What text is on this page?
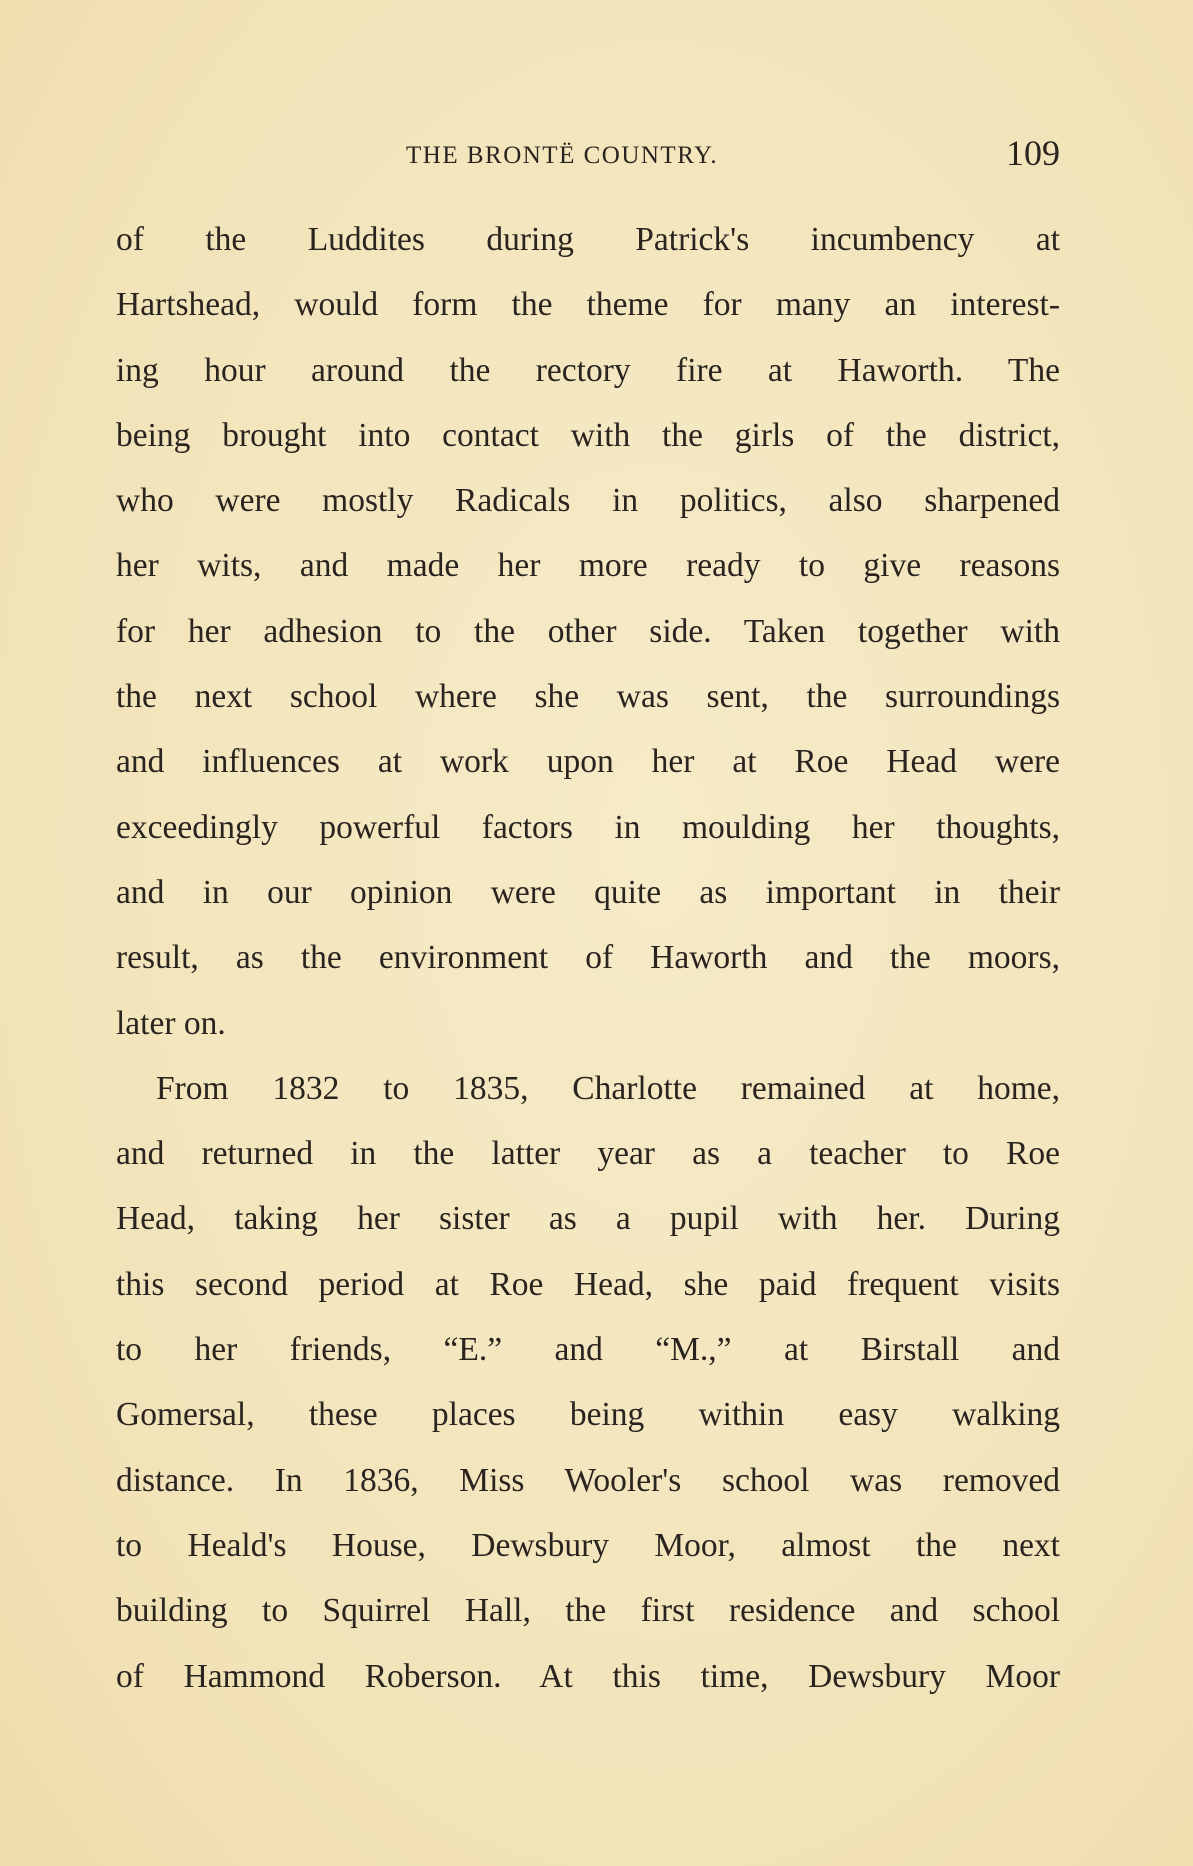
THE BRONTË COUNTRY.	109
of the Luddites during Patrick's incumbency at
Hartshead, would form the theme for many an interest-
ing hour around the rectory fire at Haworth. The
being brought into contact with the girls of the district,
who were mostly Radicals in politics, also sharpened
her wits, and made her more ready to give reasons
for her adhesion to the other side. Taken together with
the next school where she was sent, the surroundings
and influences at work upon her at Roe Head were
exceedingly powerful factors in moulding her thoughts,
and in our opinion were quite as important in their
result, as the environment of Haworth and the moors,
later on.
From 1832 to 1835, Charlotte remained at home,
and returned in the latter year as a teacher to Roe
Head, taking her sister as a pupil with her. During
this second period at Roe Head, she paid frequent visits
to her friends, “E.” and “M.,” at Birstall and
Gomersal, these places being within easy walking
distance. In 1836, Miss Wooler's school was removed
to Heald's House, Dewsbury Moor, almost the next
building to Squirrel Hall, the first residence and school
of Hammond Roberson. At this time, Dewsbury Moor
